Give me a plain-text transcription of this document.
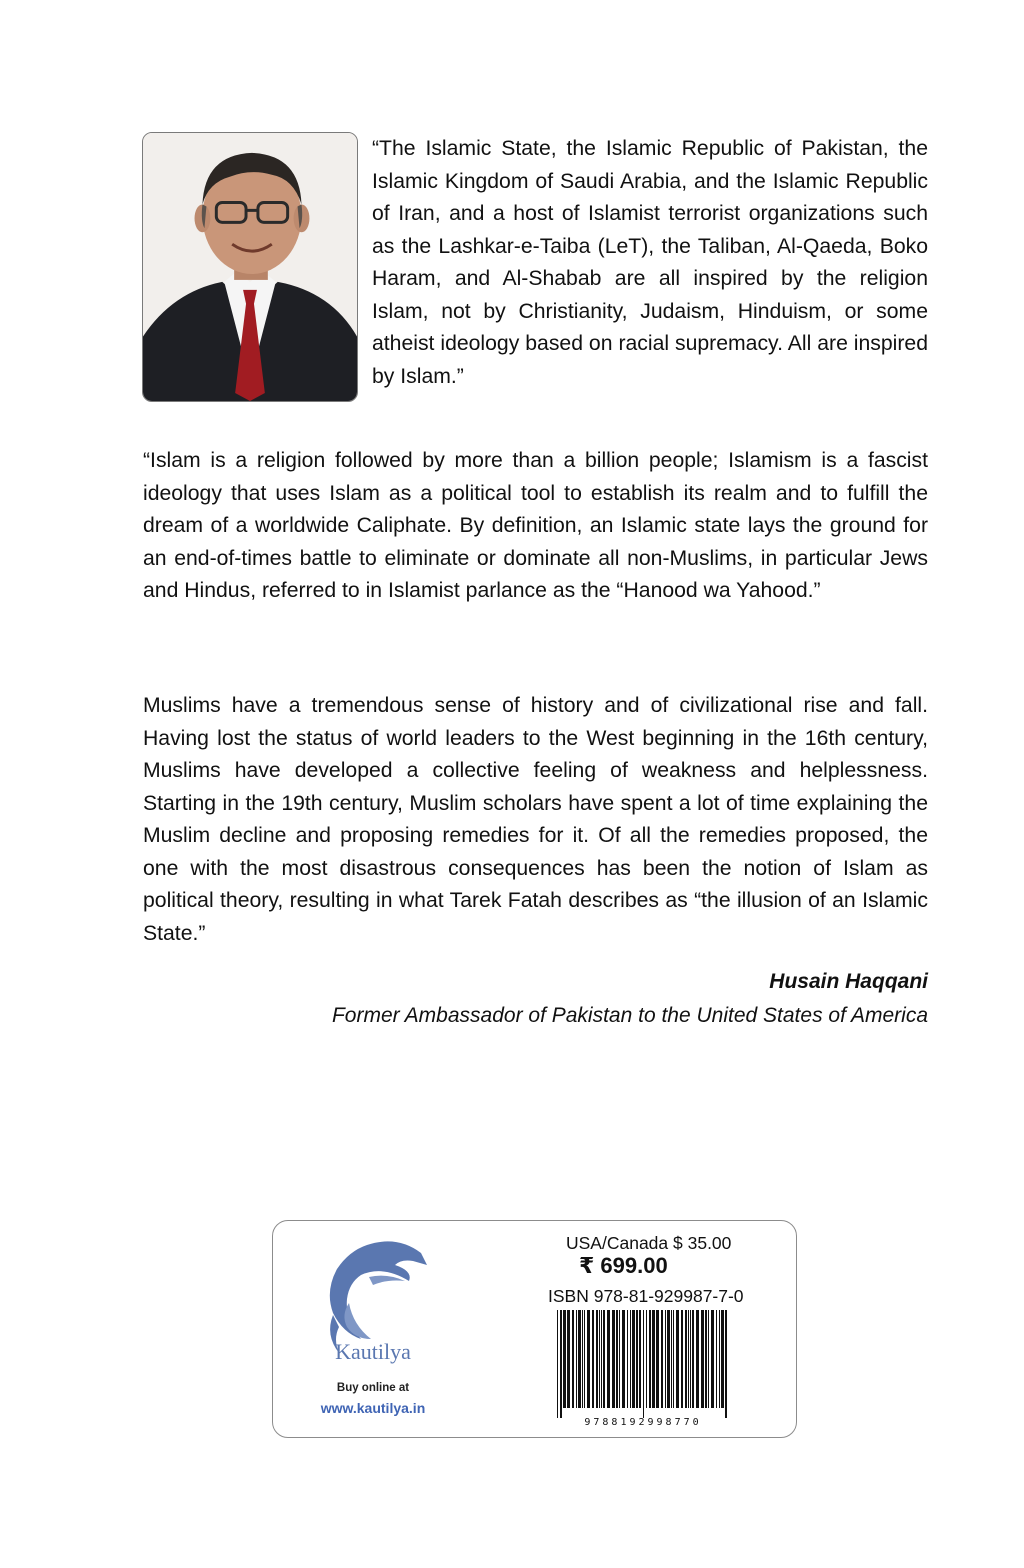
“The Islamic State, the Islamic Republic of Pakistan, the Islamic Kingdom of Saudi Arabia, and the Islamic Republic of Iran, and a host of Islamist terrorist organizations such as the Lashkar-e-Taiba (LeT), the Taliban, Al-Qaeda, Boko Haram, and Al-Shabab are all inspired by the religion Islam, not by Christianity, Judaism, Hinduism, or some atheist ideology based on racial supremacy. All are inspired by Islam.”

“Islam is a religion followed by more than a billion people; Islamism is a fascist ideology that uses Islam as a political tool to establish its realm and to fulfill the dream of a worldwide Caliphate. By definition, an Islamic state lays the ground for an end-of-times battle to eliminate or dominate all non-Muslims, in particular Jews and Hindus, referred to in Islamist parlance as the “Hanood wa Yahood.”

Muslims have a tremendous sense of history and of civilizational rise and fall. Having lost the status of world leaders to the West beginning in the 16th century, Muslims have developed a collective feeling of weakness and helplessness. Starting in the 19th century, Muslim scholars have spent a lot of time explaining the Muslim decline and proposing remedies for it. Of all the remedies proposed, the one with the most disastrous consequences has been the notion of Islam as political theory, resulting in what Tarek Fatah describes as “the illusion of an Islamic State.”

Husain Haqqani
Former Ambassador of Pakistan to the United States of America
Kautilya
Buy online at
www.kautilya.in
USA/Canada $ 35.00
₹ 699.00
ISBN 978-81-929987-7-0
9788192998770
